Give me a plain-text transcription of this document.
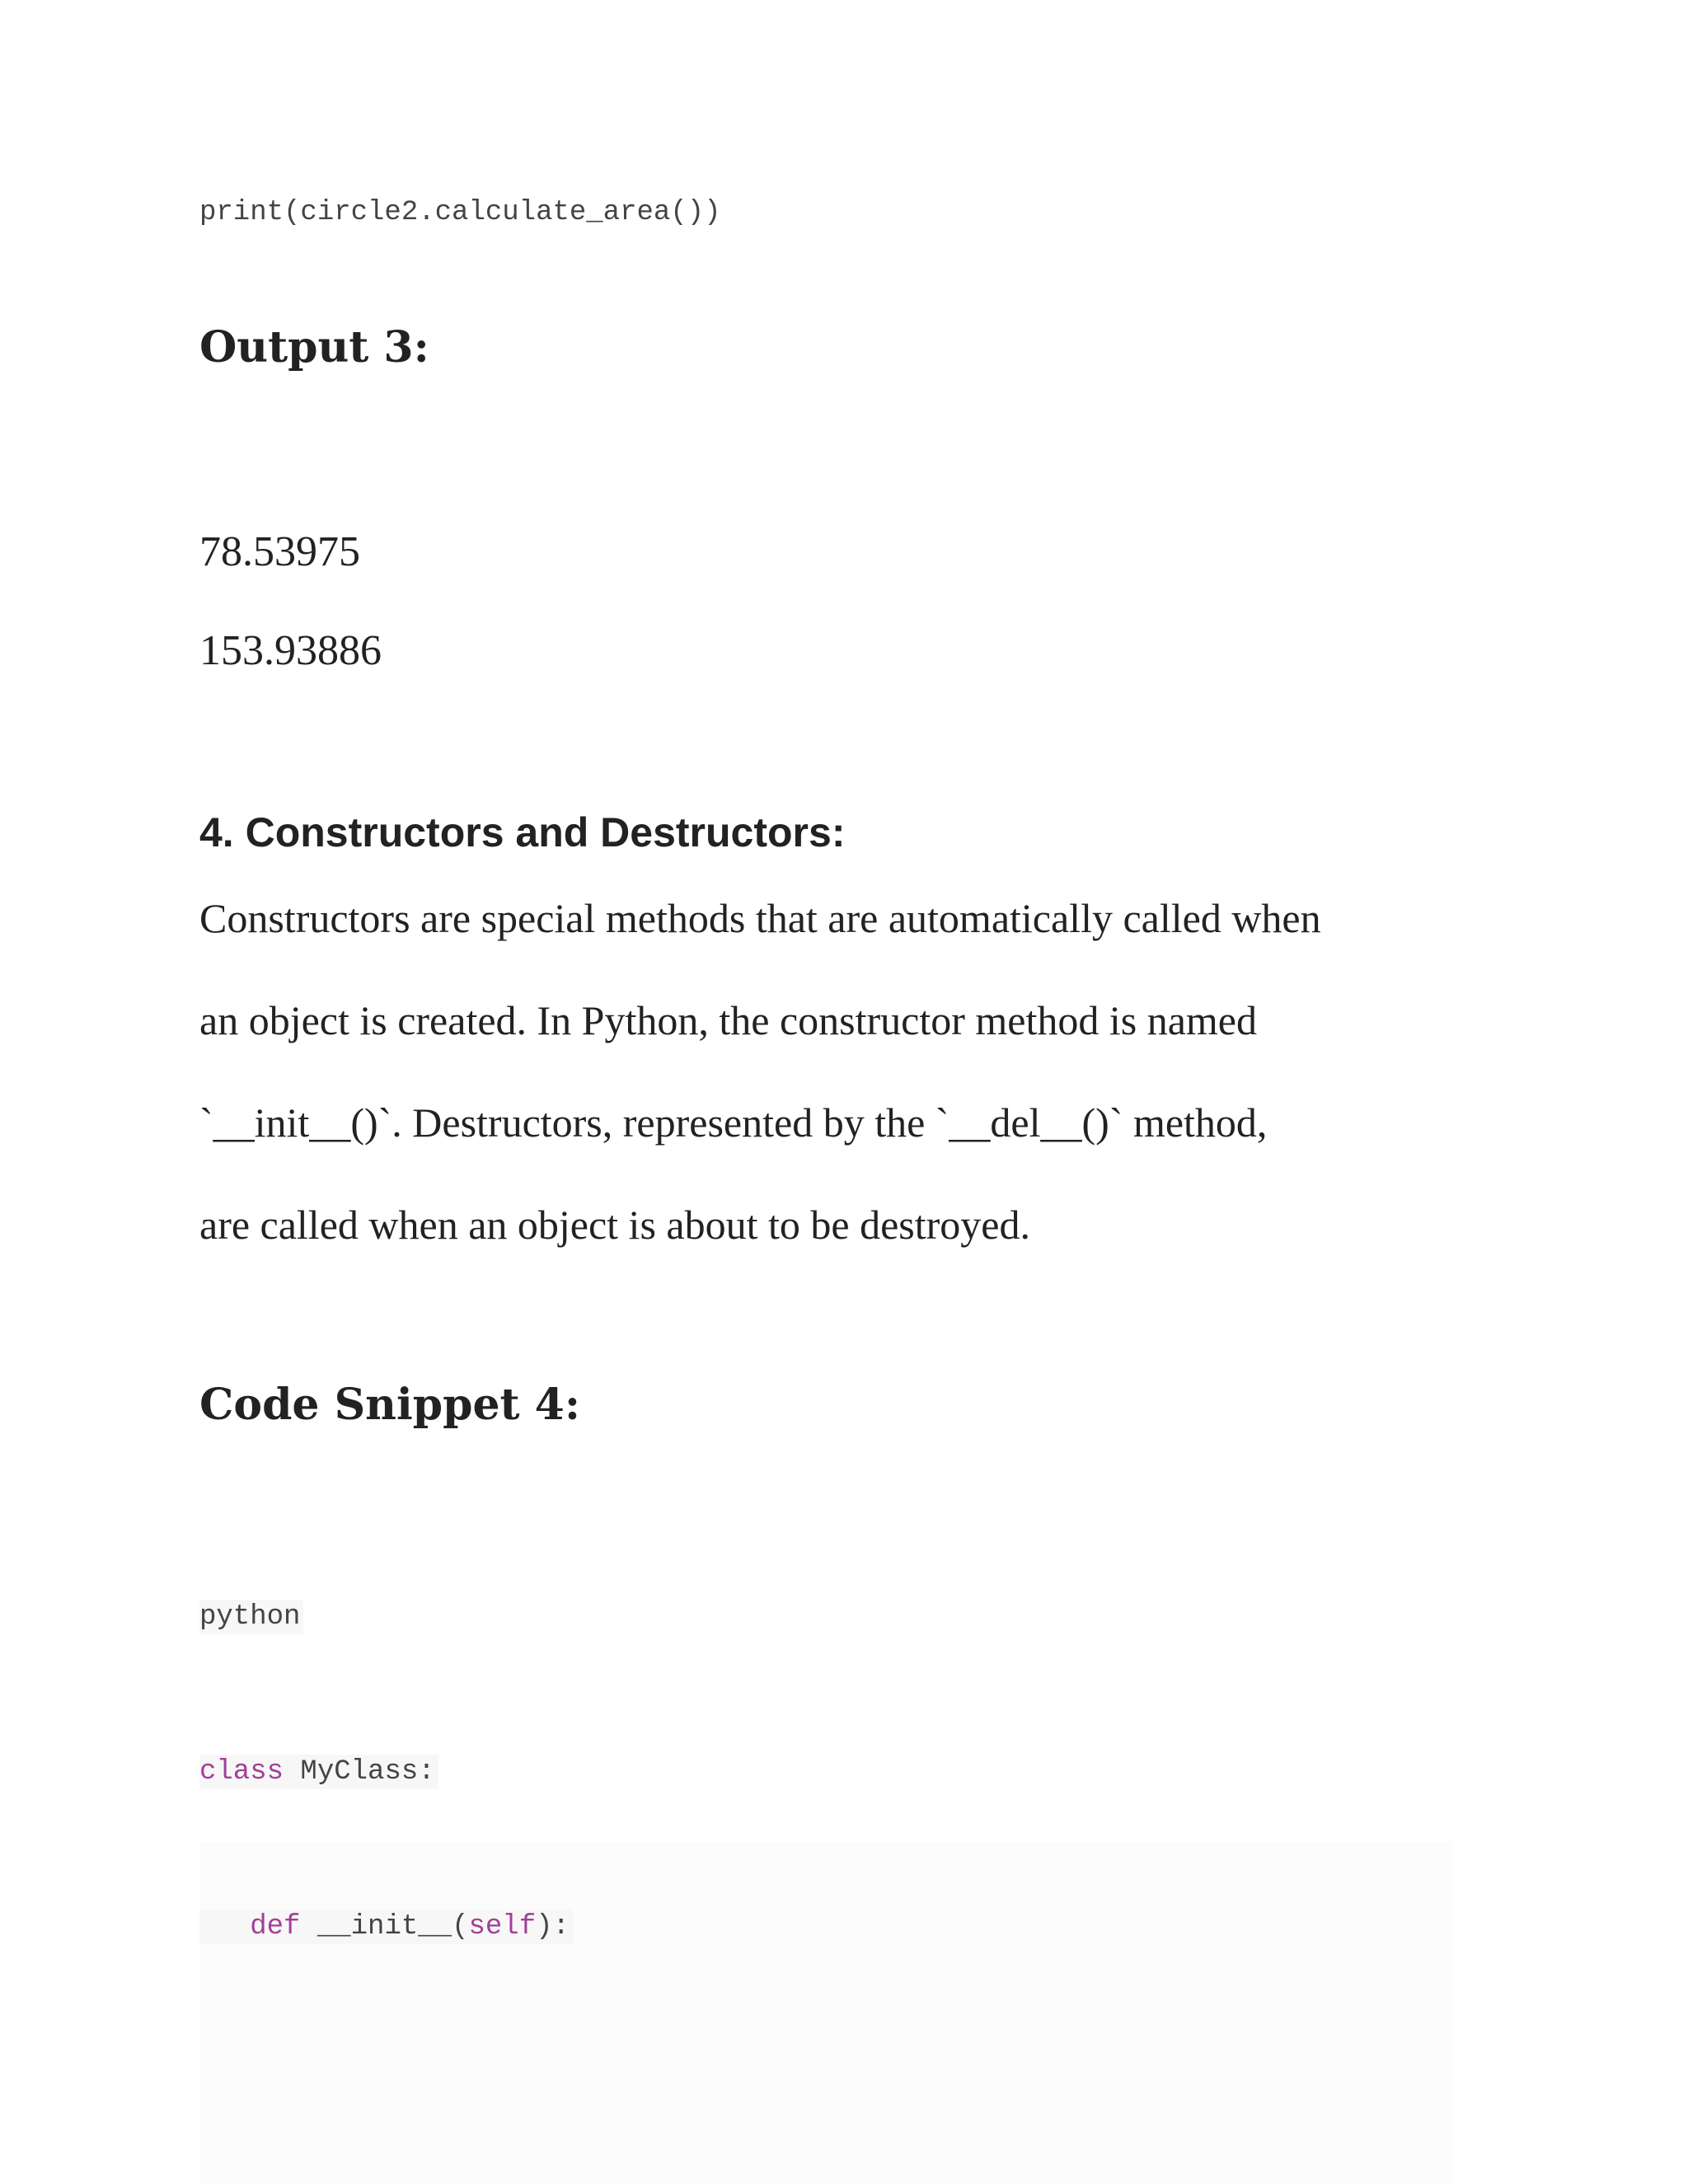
print(circle2.calculate_area())
Output 3:
78.53975
153.93886
4. Constructors and Destructors:
Constructors are special methods that are automatically called when
an object is created. In Python, the constructor method is named
`__init__()`. Destructors, represented by the `__del__()` method,
are called when an object is about to be destroyed.
Code Snippet 4:
python
class MyClass:
def __init__(self):
